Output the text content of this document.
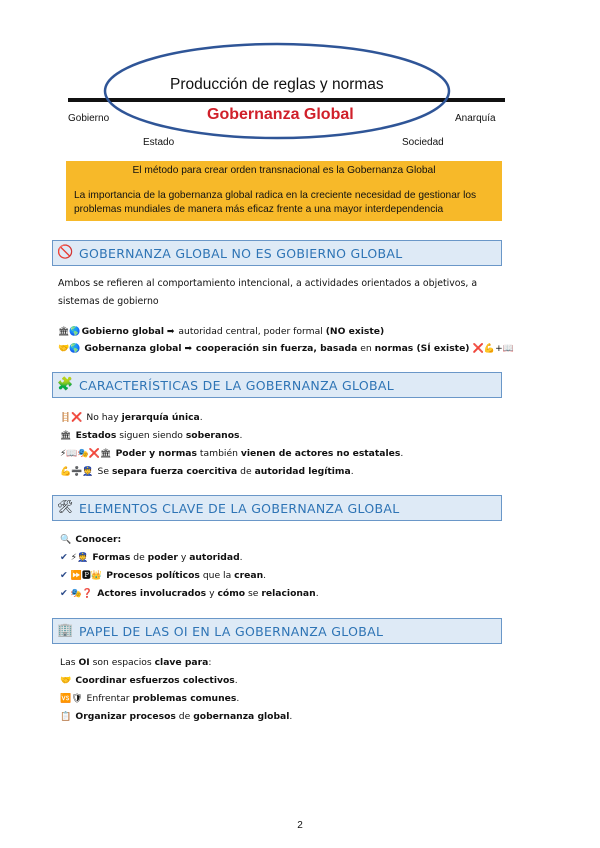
Producción de reglas y normas
Gobernanza Global
Gobierno	Anarquía
Estado	Sociedad
El método para crear orden transnacional es la Gobernanza Global
La importancia de la gobernanza global radica en la creciente necesidad de gestionar los problemas mundiales de manera más eficaz frente a una mayor interdependencia
🚫 GOBERNANZA GLOBAL NO ES GOBIERNO GLOBAL
Ambos se refieren al comportamiento intencional, a actividades orientados a objetivos, a
sistemas de gobierno
🏛🌎Gobierno global ➡ autoridad central, poder formal (NO existe)
🤝🌎 Gobernanza global ➡ cooperación sin fuerza, basada en normas (SÍ existe) ❌💪+📖
🧩 CARACTERÍSTICAS DE LA GOBERNANZA GLOBAL
🪜❌ No hay jerarquía única.
🏛 Estados siguen siendo soberanos.
⚡📖🎭❌🏛 Poder y normas también vienen de actores no estatales.
💪➗👮 Se separa fuerza coercitiva de autoridad legítima.
🛠 ELEMENTOS CLAVE DE LA GOBERNANZA GLOBAL
🔍 Conocer:
✔ ⚡👮 Formas de poder y autoridad.
✔ ⏩🅿👑 Procesos políticos que la crean.
✔ 🎭❓ Actores involucrados y cómo se relacionan.
🏢 PAPEL DE LAS OI EN LA GOBERNANZA GLOBAL
Las OI son espacios clave para:
🤝 Coordinar esfuerzos colectivos.
🆚🛡 Enfrentar problemas comunes.
📋 Organizar procesos de gobernanza global.
2
